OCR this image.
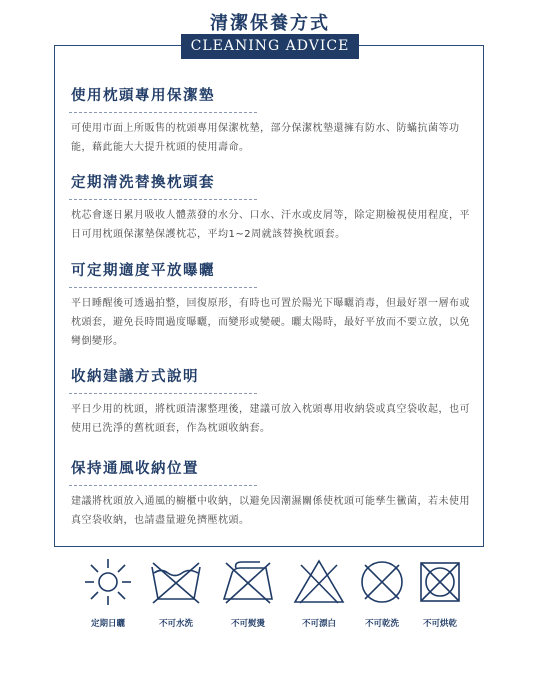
清潔保養方式
CLEANING ADVICE
使用枕頭專用保潔墊
可使用市面上所販售的枕頭專用保潔枕墊，部分保潔枕墊還擁有防水、防蟎抗菌等功能，藉此能大大提升枕頭的使用壽命。
定期清洗替換枕頭套
枕芯會逐日累月吸收人體蒸發的水分、口水、汗水或皮屑等，除定期檢視使用程度，平日可用枕頭保潔墊保護枕芯，平均1~2周就該替換枕頭套。
可定期適度平放曝曬
平日睡醒後可透過拍整，回復原形，有時也可置於陽光下曝曬消毒，但最好罩一層布或枕頭套，避免長時間過度曝曬，而變形或變硬。曬太陽時，最好平放而不要立放，以免彎倒變形。
收納建議方式說明
平日少用的枕頭，將枕頭清潔整理後，建議可放入枕頭專用收納袋或真空袋收起，也可使用已洗淨的舊枕頭套，作為枕頭收納套。
保持通風收納位置
建議將枕頭放入通風的櫥櫃中收納，以避免因潮濕關係使枕頭可能孳生黴菌，若未使用真空袋收納，也請盡量避免擠壓枕頭。
定期日曬	不可水洗	不可熨燙	不可漂白	不可乾洗	不可烘乾
